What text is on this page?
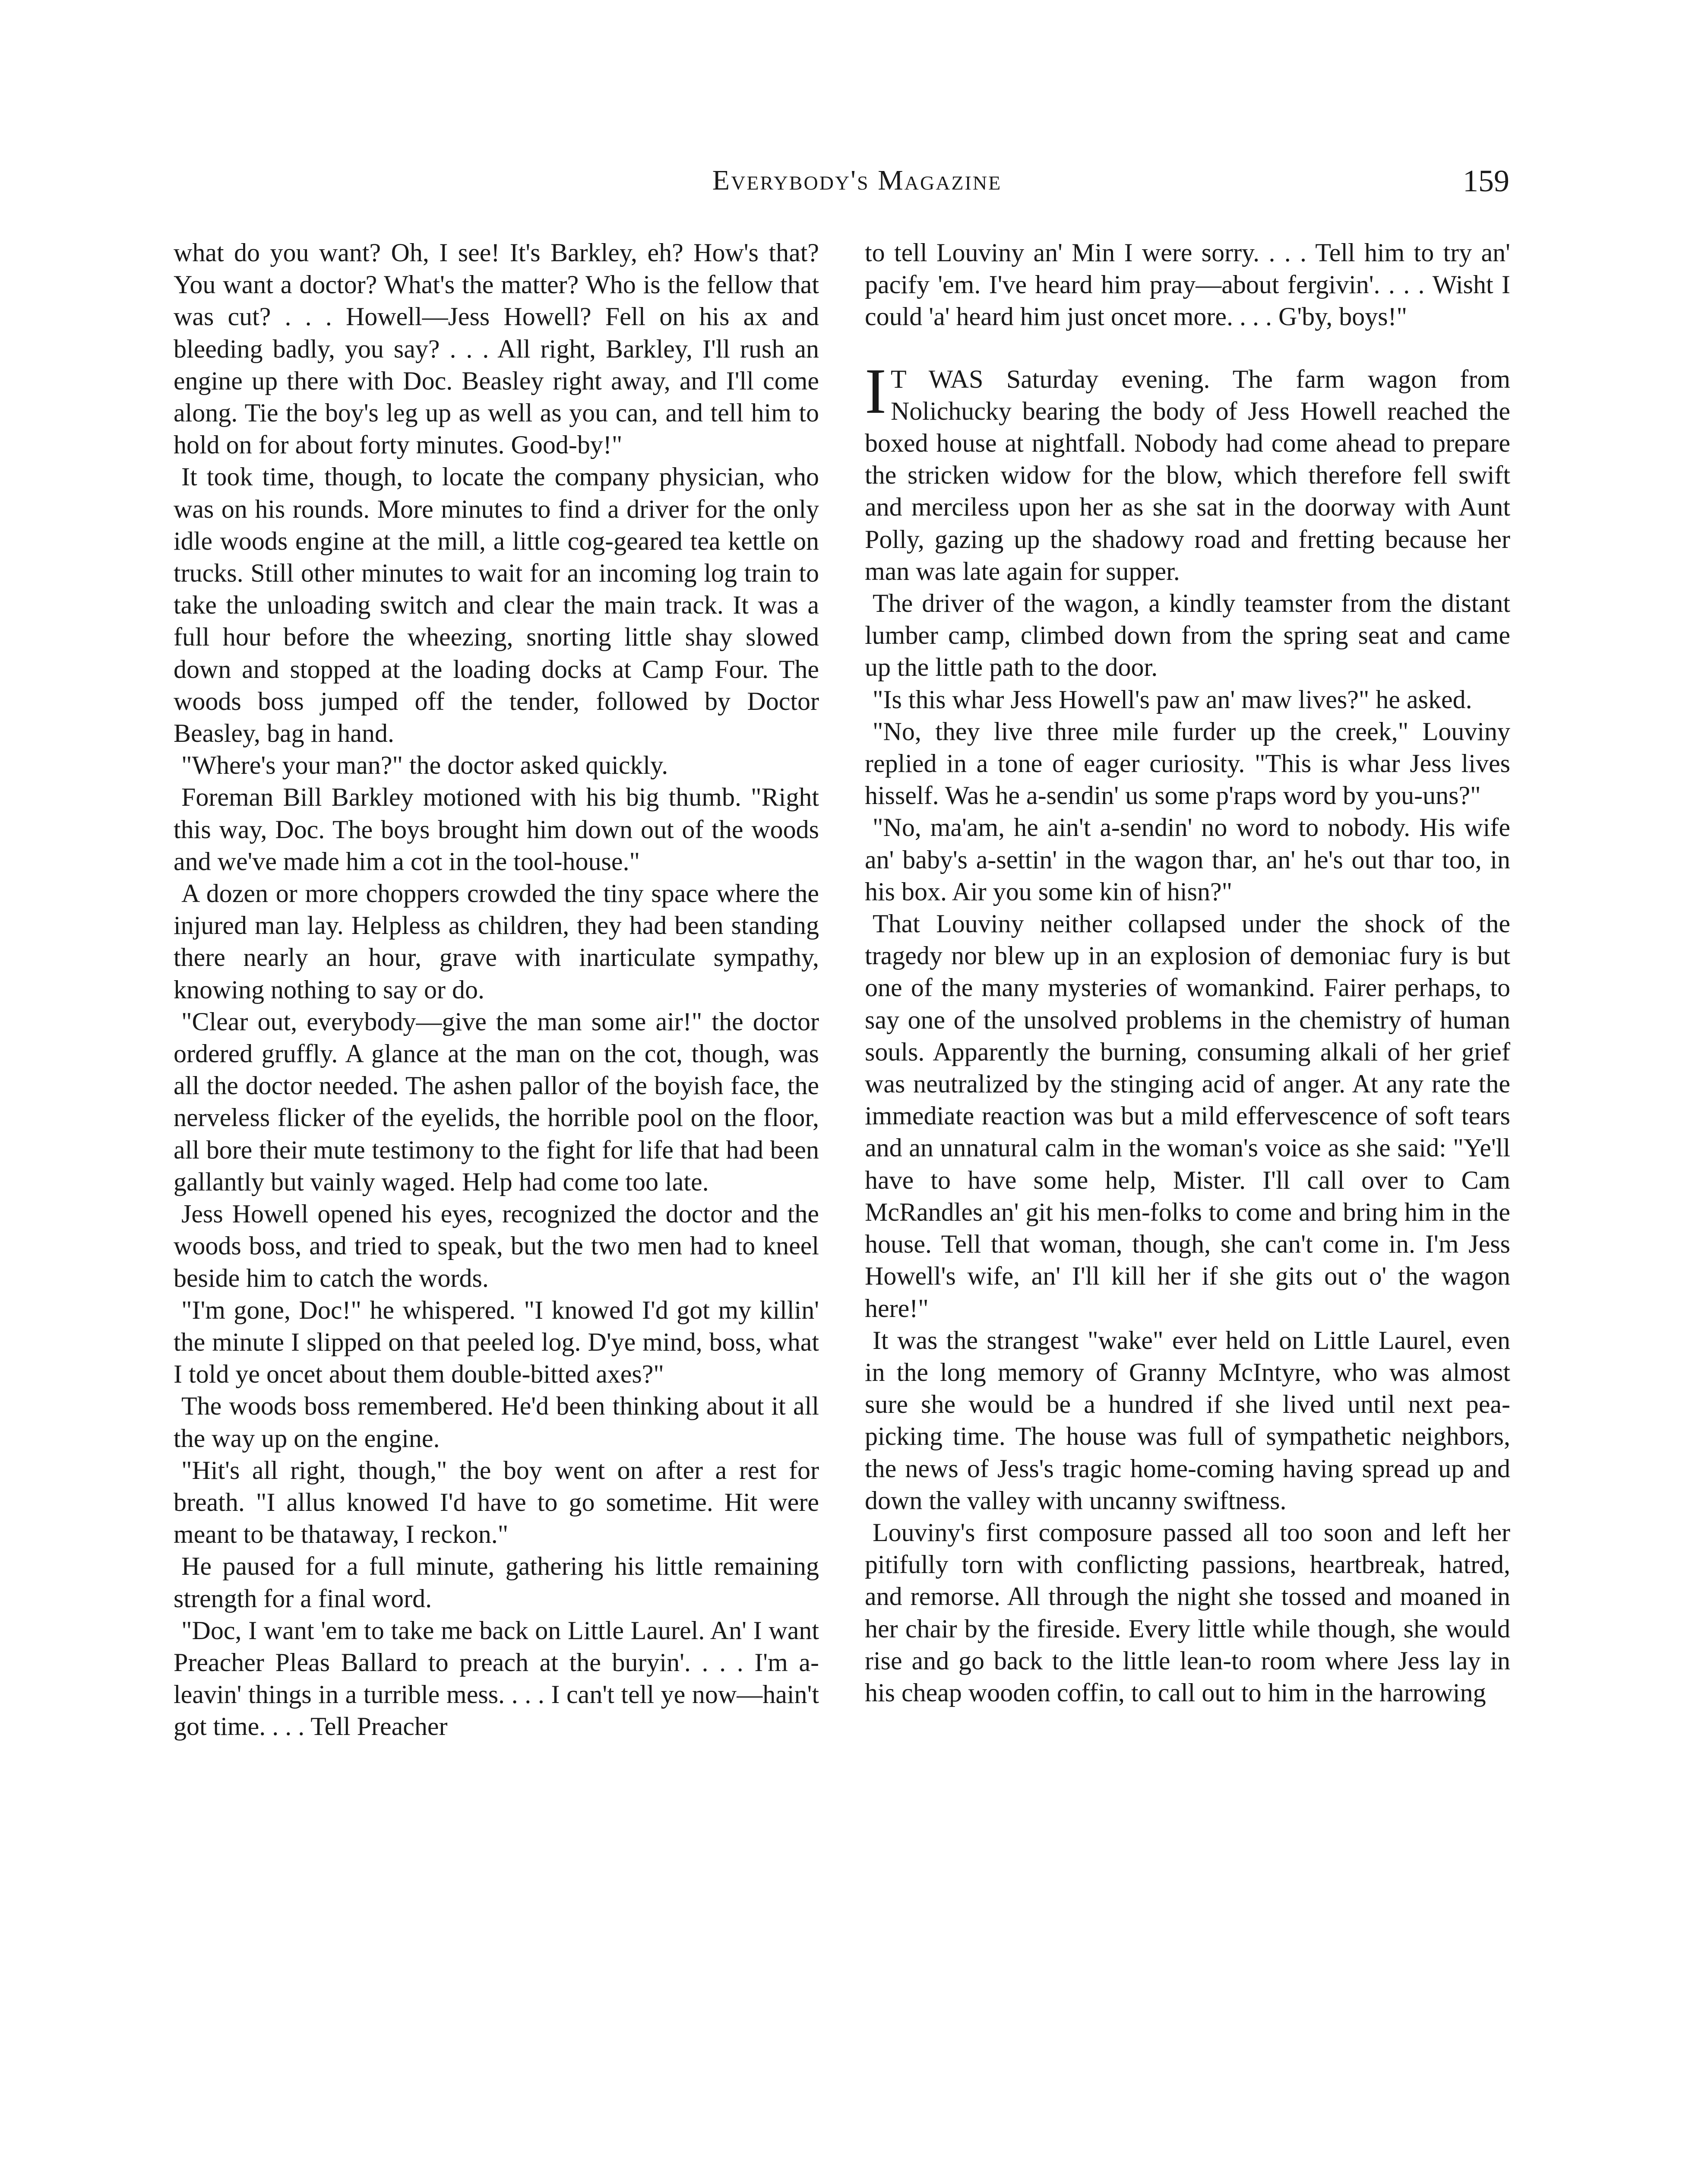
Everybody's Magazine	159

what do you want? Oh, I see! It's Barkley, eh? How's that? You want a doctor? What's the matter? Who is the fellow that was cut? . . . Howell—Jess Howell? Fell on his ax and bleeding badly, you say? . . . All right, Barkley, I'll rush an engine up there with Doc. Beasley right away, and I'll come along. Tie the boy's leg up as well as you can, and tell him to hold on for about forty minutes. Good-by!"

It took time, though, to locate the company physician, who was on his rounds. More minutes to find a driver for the only idle woods engine at the mill, a little cog-geared tea kettle on trucks. Still other minutes to wait for an incoming log train to take the unloading switch and clear the main track. It was a full hour before the wheezing, snorting little shay slowed down and stopped at the loading docks at Camp Four. The woods boss jumped off the tender, followed by Doctor Beasley, bag in hand.

"Where's your man?" the doctor asked quickly.

Foreman Bill Barkley motioned with his big thumb. "Right this way, Doc. The boys brought him down out of the woods and we've made him a cot in the tool-house."

A dozen or more choppers crowded the tiny space where the injured man lay. Helpless as children, they had been standing there nearly an hour, grave with inarticulate sympathy, knowing nothing to say or do.

"Clear out, everybody—give the man some air!" the doctor ordered gruffly. A glance at the man on the cot, though, was all the doctor needed. The ashen pallor of the boyish face, the nerveless flicker of the eyelids, the horrible pool on the floor, all bore their mute testimony to the fight for life that had been gallantly but vainly waged. Help had come too late.

Jess Howell opened his eyes, recognized the doctor and the woods boss, and tried to speak, but the two men had to kneel beside him to catch the words.

"I'm gone, Doc!" he whispered. "I knowed I'd got my killin' the minute I slipped on that peeled log. D'ye mind, boss, what I told ye oncet about them double-bitted axes?"

The woods boss remembered. He'd been thinking about it all the way up on the engine.

"Hit's all right, though," the boy went on after a rest for breath. "I allus knowed I'd have to go sometime. Hit were meant to be thataway, I reckon."

He paused for a full minute, gathering his little remaining strength for a final word.

"Doc, I want 'em to take me back on Little Laurel. An' I want Preacher Pleas Ballard to preach at the buryin'. . . . I'm a-leavin' things in a turrible mess. . . . I can't tell ye now—hain't got time. . . . Tell Preacher

to tell Louviny an' Min I were sorry. . . . Tell him to try an' pacify 'em. I've heard him pray—about fergivin'. . . . Wisht I could 'a' heard him just oncet more. . . . G'by, boys!"

I T WAS Saturday evening. The farm wagon from Nolichucky bearing the body of Jess Howell reached the boxed house at nightfall. Nobody had come ahead to prepare the stricken widow for the blow, which therefore fell swift and merciless upon her as she sat in the doorway with Aunt Polly, gazing up the shadowy road and fretting because her man was late again for supper.

The driver of the wagon, a kindly teamster from the distant lumber camp, climbed down from the spring seat and came up the little path to the door.

"Is this whar Jess Howell's paw an' maw lives?" he asked.

"No, they live three mile furder up the creek," Louviny replied in a tone of eager curiosity. "This is whar Jess lives hisself. Was he a-sendin' us some p'raps word by you-uns?"

"No, ma'am, he ain't a-sendin' no word to nobody. His wife an' baby's a-settin' in the wagon thar, an' he's out thar too, in his box. Air you some kin of hisn?"

That Louviny neither collapsed under the shock of the tragedy nor blew up in an explosion of demoniac fury is but one of the many mysteries of womankind. Fairer perhaps, to say one of the unsolved problems in the chemistry of human souls. Apparently the burning, consuming alkali of her grief was neutralized by the stinging acid of anger. At any rate the immediate reaction was but a mild effervescence of soft tears and an unnatural calm in the woman's voice as she said: "Ye'll have to have some help, Mister. I'll call over to Cam McRandles an' git his men-folks to come and bring him in the house. Tell that woman, though, she can't come in. I'm Jess Howell's wife, an' I'll kill her if she gits out o' the wagon here!"

It was the strangest "wake" ever held on Little Laurel, even in the long memory of Granny McIntyre, who was almost sure she would be a hundred if she lived until next pea-picking time. The house was full of sympathetic neighbors, the news of Jess's tragic home-coming having spread up and down the valley with uncanny swiftness.

Louviny's first composure passed all too soon and left her pitifully torn with conflicting passions, heartbreak, hatred, and remorse. All through the night she tossed and moaned in her chair by the fireside. Every little while though, she would rise and go back to the little lean-to room where Jess lay in his cheap wooden coffin, to call out to him in the harrowing
